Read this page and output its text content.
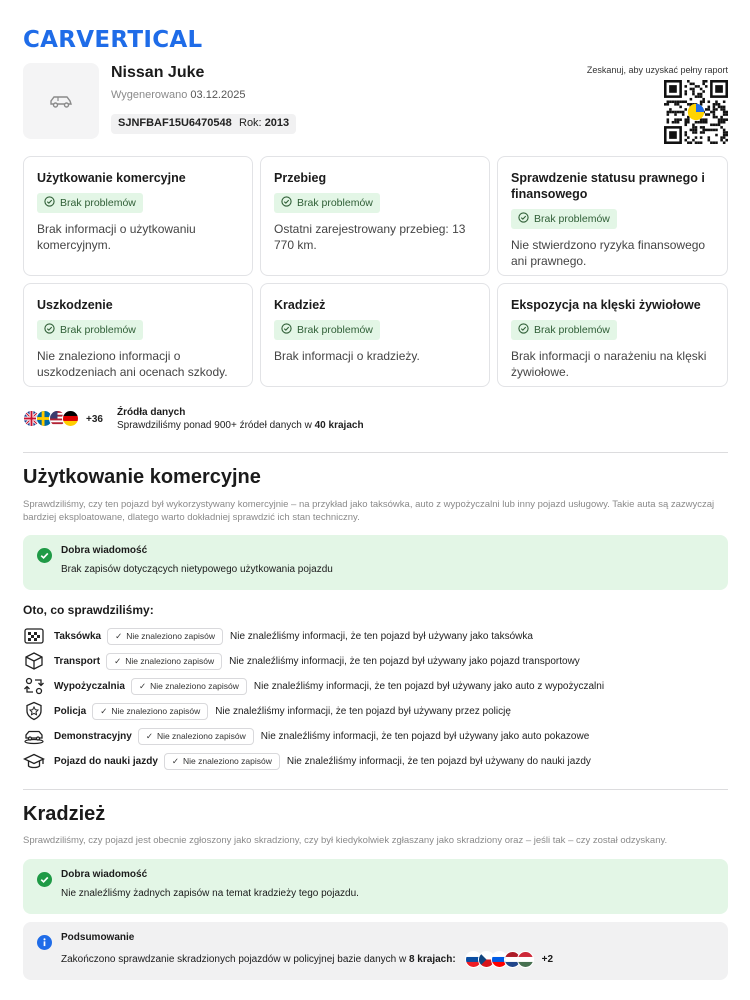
CARVERTICAL
Nissan Juke
Wygenerowano 03.12.2025
SJNFBAF15U6470548 Rok: 2013
Zeskanuj, aby uzyskać pełny raport
Użytkowanie komercyjne
Brak problemów

Brak informacji o użytkowaniu komercyjnym.

Przebieg
Brak problemów

Ostatni zarejestrowany przebieg: 13 770 km.

Sprawdzenie statusu prawnego i finansowego
Brak problemów

Nie stwierdzono ryzyka finansowego ani prawnego.

Uszkodzenie
Brak problemów

Nie znaleziono informacji o uszkodzeniach ani ocenach szkody.

Kradzież
Brak problemów

Brak informacji o kradzieży.

Ekspozycja na klęski żywiołowe
Brak problemów

Brak informacji o narażeniu na klęski żywiołowe.

+36
Źródła danych
Sprawdziliśmy ponad 900+ źródeł danych w 40 krajach
Użytkowanie komercyjne
Sprawdziliśmy, czy ten pojazd był wykorzystywany komercyjnie – na przykład jako taksówka, auto z wypożyczalni lub inny pojazd usługowy. Takie auta są zazwyczaj bardziej eksploatowane, dlatego warto dokładniej sprawdzić ich stan techniczny.
Dobra wiadomość
Brak zapisów dotyczących nietypowego użytkowania pojazdu
Oto, co sprawdziliśmy:
Taksówka ✓ Nie znaleziono zapisów Nie znaleźliśmy informacji, że ten pojazd był używany jako taksówka
Transport ✓ Nie znaleziono zapisów Nie znaleźliśmy informacji, że ten pojazd był używany jako pojazd transportowy
Wypożyczalnia ✓ Nie znaleziono zapisów Nie znaleźliśmy informacji, że ten pojazd był używany jako auto z wypożyczalni
Policja ✓ Nie znaleziono zapisów Nie znaleźliśmy informacji, że ten pojazd był używany przez policję
Demonstracyjny ✓ Nie znaleziono zapisów Nie znaleźliśmy informacji, że ten pojazd był używany jako auto pokazowe
Pojazd do nauki jazdy ✓ Nie znaleziono zapisów Nie znaleźliśmy informacji, że ten pojazd był używany do nauki jazdy
Kradzież
Sprawdziliśmy, czy pojazd jest obecnie zgłoszony jako skradziony, czy był kiedykolwiek zgłaszany jako skradziony oraz – jeśli tak – czy został odzyskany.
Dobra wiadomość
Nie znaleźliśmy żadnych zapisów na temat kradzieży tego pojazdu.
Podsumowanie
Zakończono sprawdzanie skradzionych pojazdów w policyjnej bazie danych w
8 krajach:	+2
